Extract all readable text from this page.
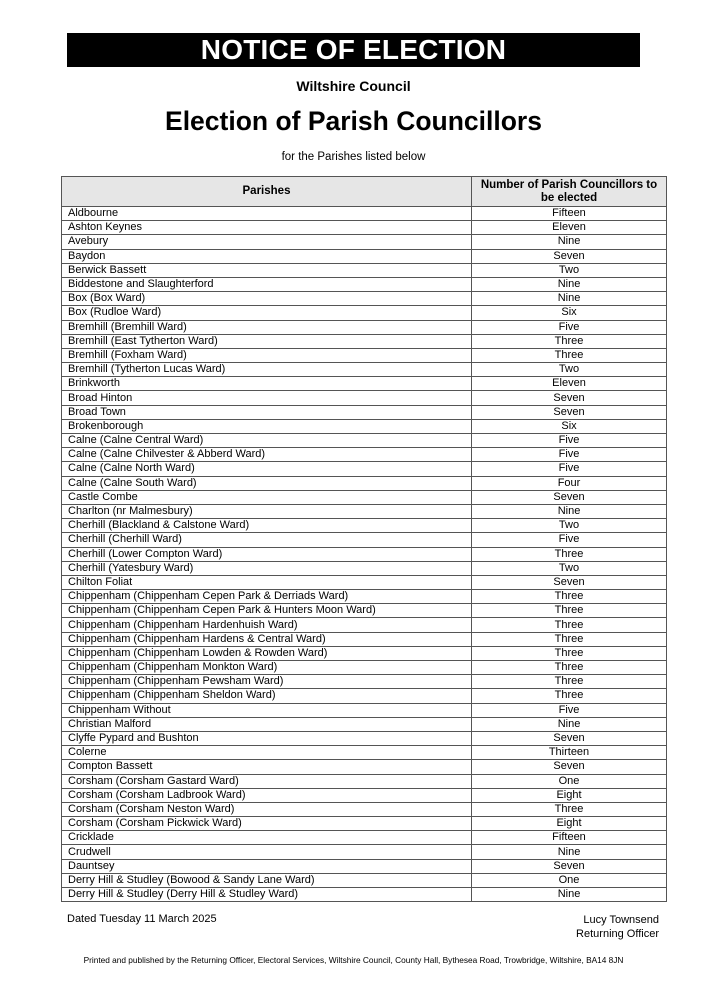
NOTICE OF ELECTION
Wiltshire Council
Election of Parish Councillors
for the Parishes listed below
Parishes	Number of Parish Councillors to be elected
Aldbourne	Fifteen
Ashton Keynes	Eleven
Avebury	Nine
Baydon	Seven
Berwick Bassett	Two
Biddestone and Slaughterford	Nine
Box (Box Ward)	Nine
Box (Rudloe Ward)	Six
Bremhill (Bremhill Ward)	Five
Bremhill (East Tytherton Ward)	Three
Bremhill (Foxham Ward)	Three
Bremhill (Tytherton Lucas Ward)	Two
Brinkworth	Eleven
Broad Hinton	Seven
Broad Town	Seven
Brokenborough	Six
Calne (Calne Central Ward)	Five
Calne (Calne Chilvester & Abberd Ward)	Five
Calne (Calne North Ward)	Five
Calne (Calne South Ward)	Four
Castle Combe	Seven
Charlton (nr Malmesbury)	Nine
Cherhill (Blackland & Calstone Ward)	Two
Cherhill (Cherhill Ward)	Five
Cherhill (Lower Compton Ward)	Three
Cherhill (Yatesbury Ward)	Two
Chilton Foliat	Seven
Chippenham (Chippenham Cepen Park & Derriads Ward)	Three
Chippenham (Chippenham Cepen Park & Hunters Moon Ward)	Three
Chippenham (Chippenham Hardenhuish Ward)	Three
Chippenham (Chippenham Hardens & Central Ward)	Three
Chippenham (Chippenham Lowden & Rowden Ward)	Three
Chippenham (Chippenham Monkton Ward)	Three
Chippenham (Chippenham Pewsham Ward)	Three
Chippenham (Chippenham Sheldon Ward)	Three
Chippenham Without	Five
Christian Malford	Nine
Clyffe Pypard and Bushton	Seven
Colerne	Thirteen
Compton Bassett	Seven
Corsham (Corsham Gastard Ward)	One
Corsham (Corsham Ladbrook Ward)	Eight
Corsham (Corsham Neston Ward)	Three
Corsham (Corsham Pickwick Ward)	Eight
Cricklade	Fifteen
Crudwell	Nine
Dauntsey	Seven
Derry Hill & Studley (Bowood & Sandy Lane Ward)	One
Derry Hill & Studley (Derry Hill & Studley Ward)	Nine
Dated Tuesday 11 March 2025	Lucy Townsend
Returning Officer
Printed and published by the Returning Officer, Electoral Services, Wiltshire Council, County Hall, Bythesea Road, Trowbridge, Wiltshire, BA14 8JN
